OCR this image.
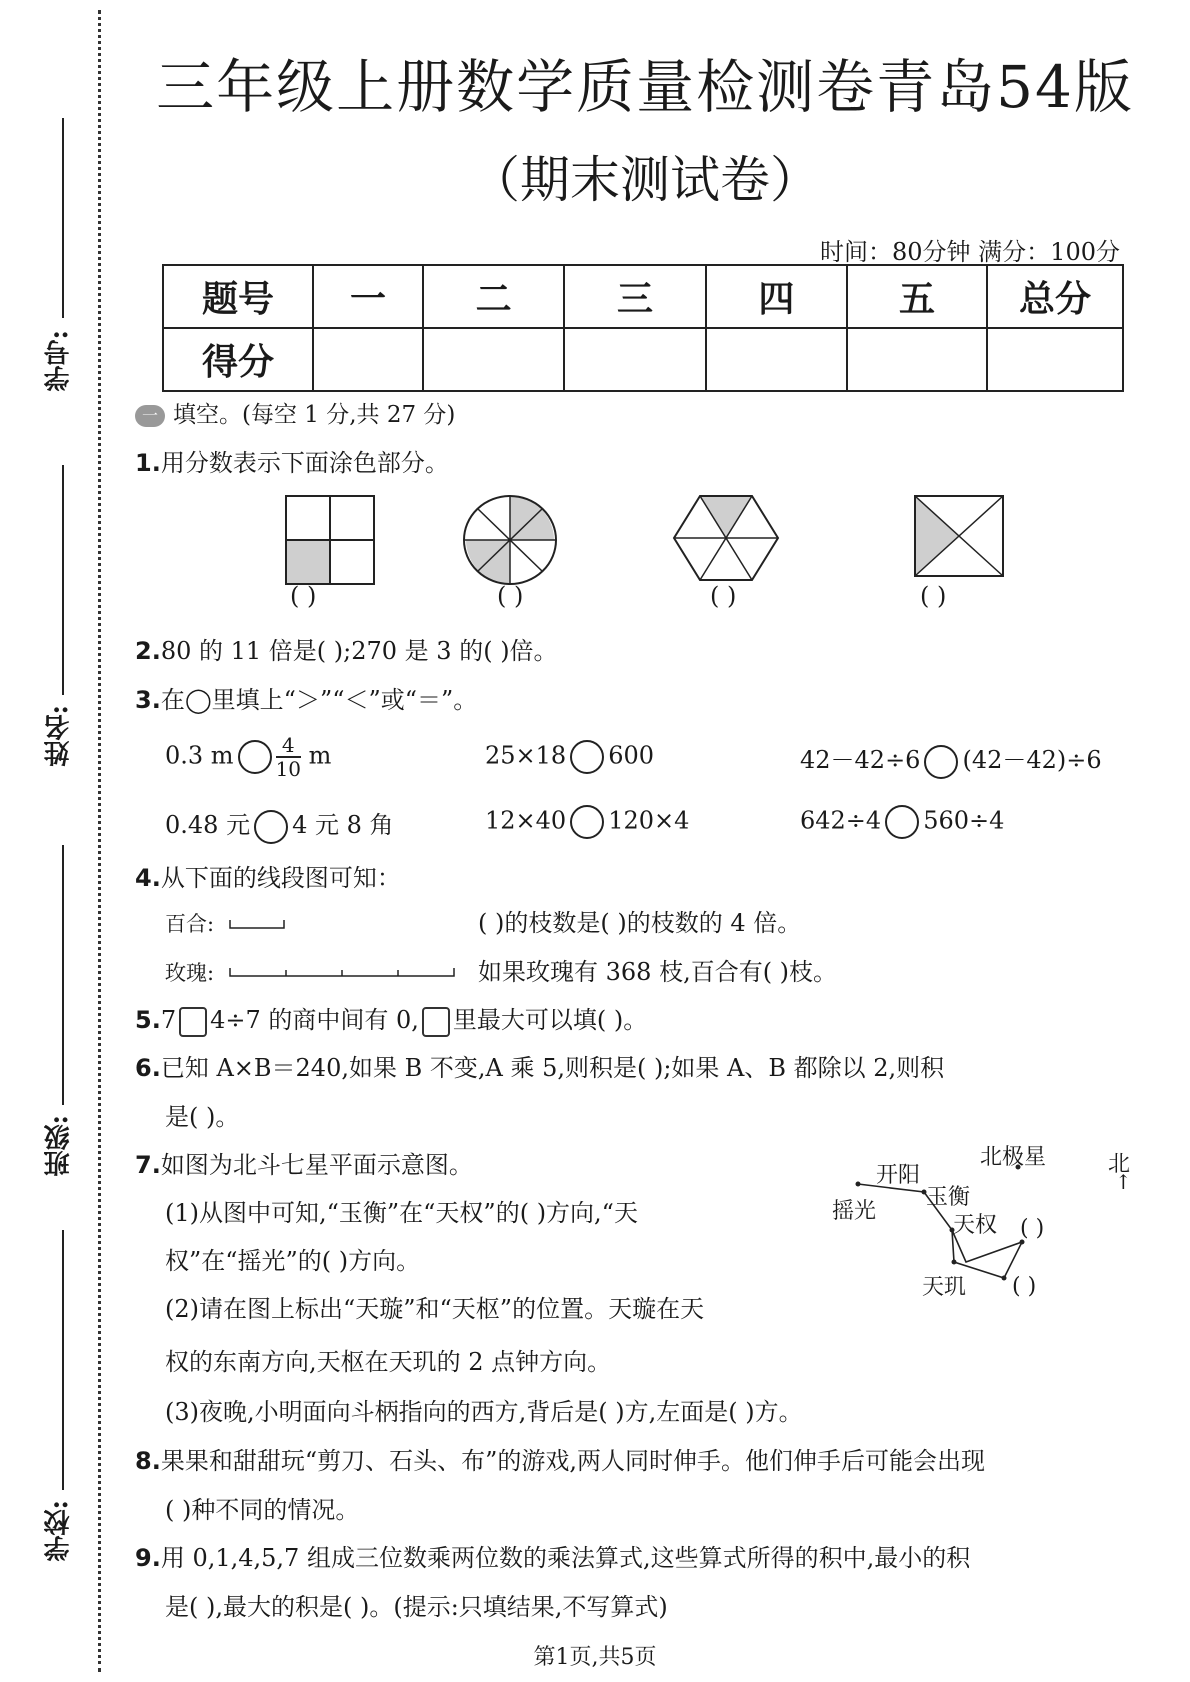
学号:
姓名:
班级:
学校:
三年级上册数学质量检测卷青岛54版
（期末测试卷）
时间：80分钟 满分：100分
题号	一	二	三	四	五	总分
得分						
一 填空。(每空 1 分,共 27 分)
1.用分数表示下面涂色部分。
( )	( )	( )	( )
2.80 的 11 倍是( );270 是 3 的( )倍。
3.在◯里填上“＞”“＜”或“＝”。
0.3 m $\frac{4}{10}$ m	25×18 600	42－42÷6 (42－42)÷6
0.48 元 4 元 8 角	12×40 120×4	642÷4 560÷4
4.从下面的线段图可知：
百合:
玫瑰:
( )的枝数是( )的枝数的 4 倍。
如果玫瑰有 368 枝,百合有( )枝。
5.7 4÷7 的商中间有 0, 里最大可以填( )。
6.已知 A×B＝240,如果 B 不变,A 乘 5,则积是( );如果 A、B 都除以 2,则积
是( )。
7.如图为北斗七星平面示意图。
(1)从图中可知,“玉衡”在“天权”的( )方向,“天
权”在“摇光”的( )方向。
(2)请在图上标出“天璇”和“天枢”的位置。天璇在天
权的东南方向,天枢在天玑的 2 点钟方向。
(3)夜晚,小明面向斗柄指向的西方,背后是( )方,左面是( )方。
北极星	北
↑
开阳
玉衡
摇光
天权 ( )
天玑 ( )
8.果果和甜甜玩“剪刀、石头、布”的游戏,两人同时伸手。他们伸手后可能会出现
( )种不同的情况。
9.用 0,1,4,5,7 组成三位数乘两位数的乘法算式,这些算式所得的积中,最小的积
是( ),最大的积是( )。(提示:只填结果,不写算式)
第1页,共5页
